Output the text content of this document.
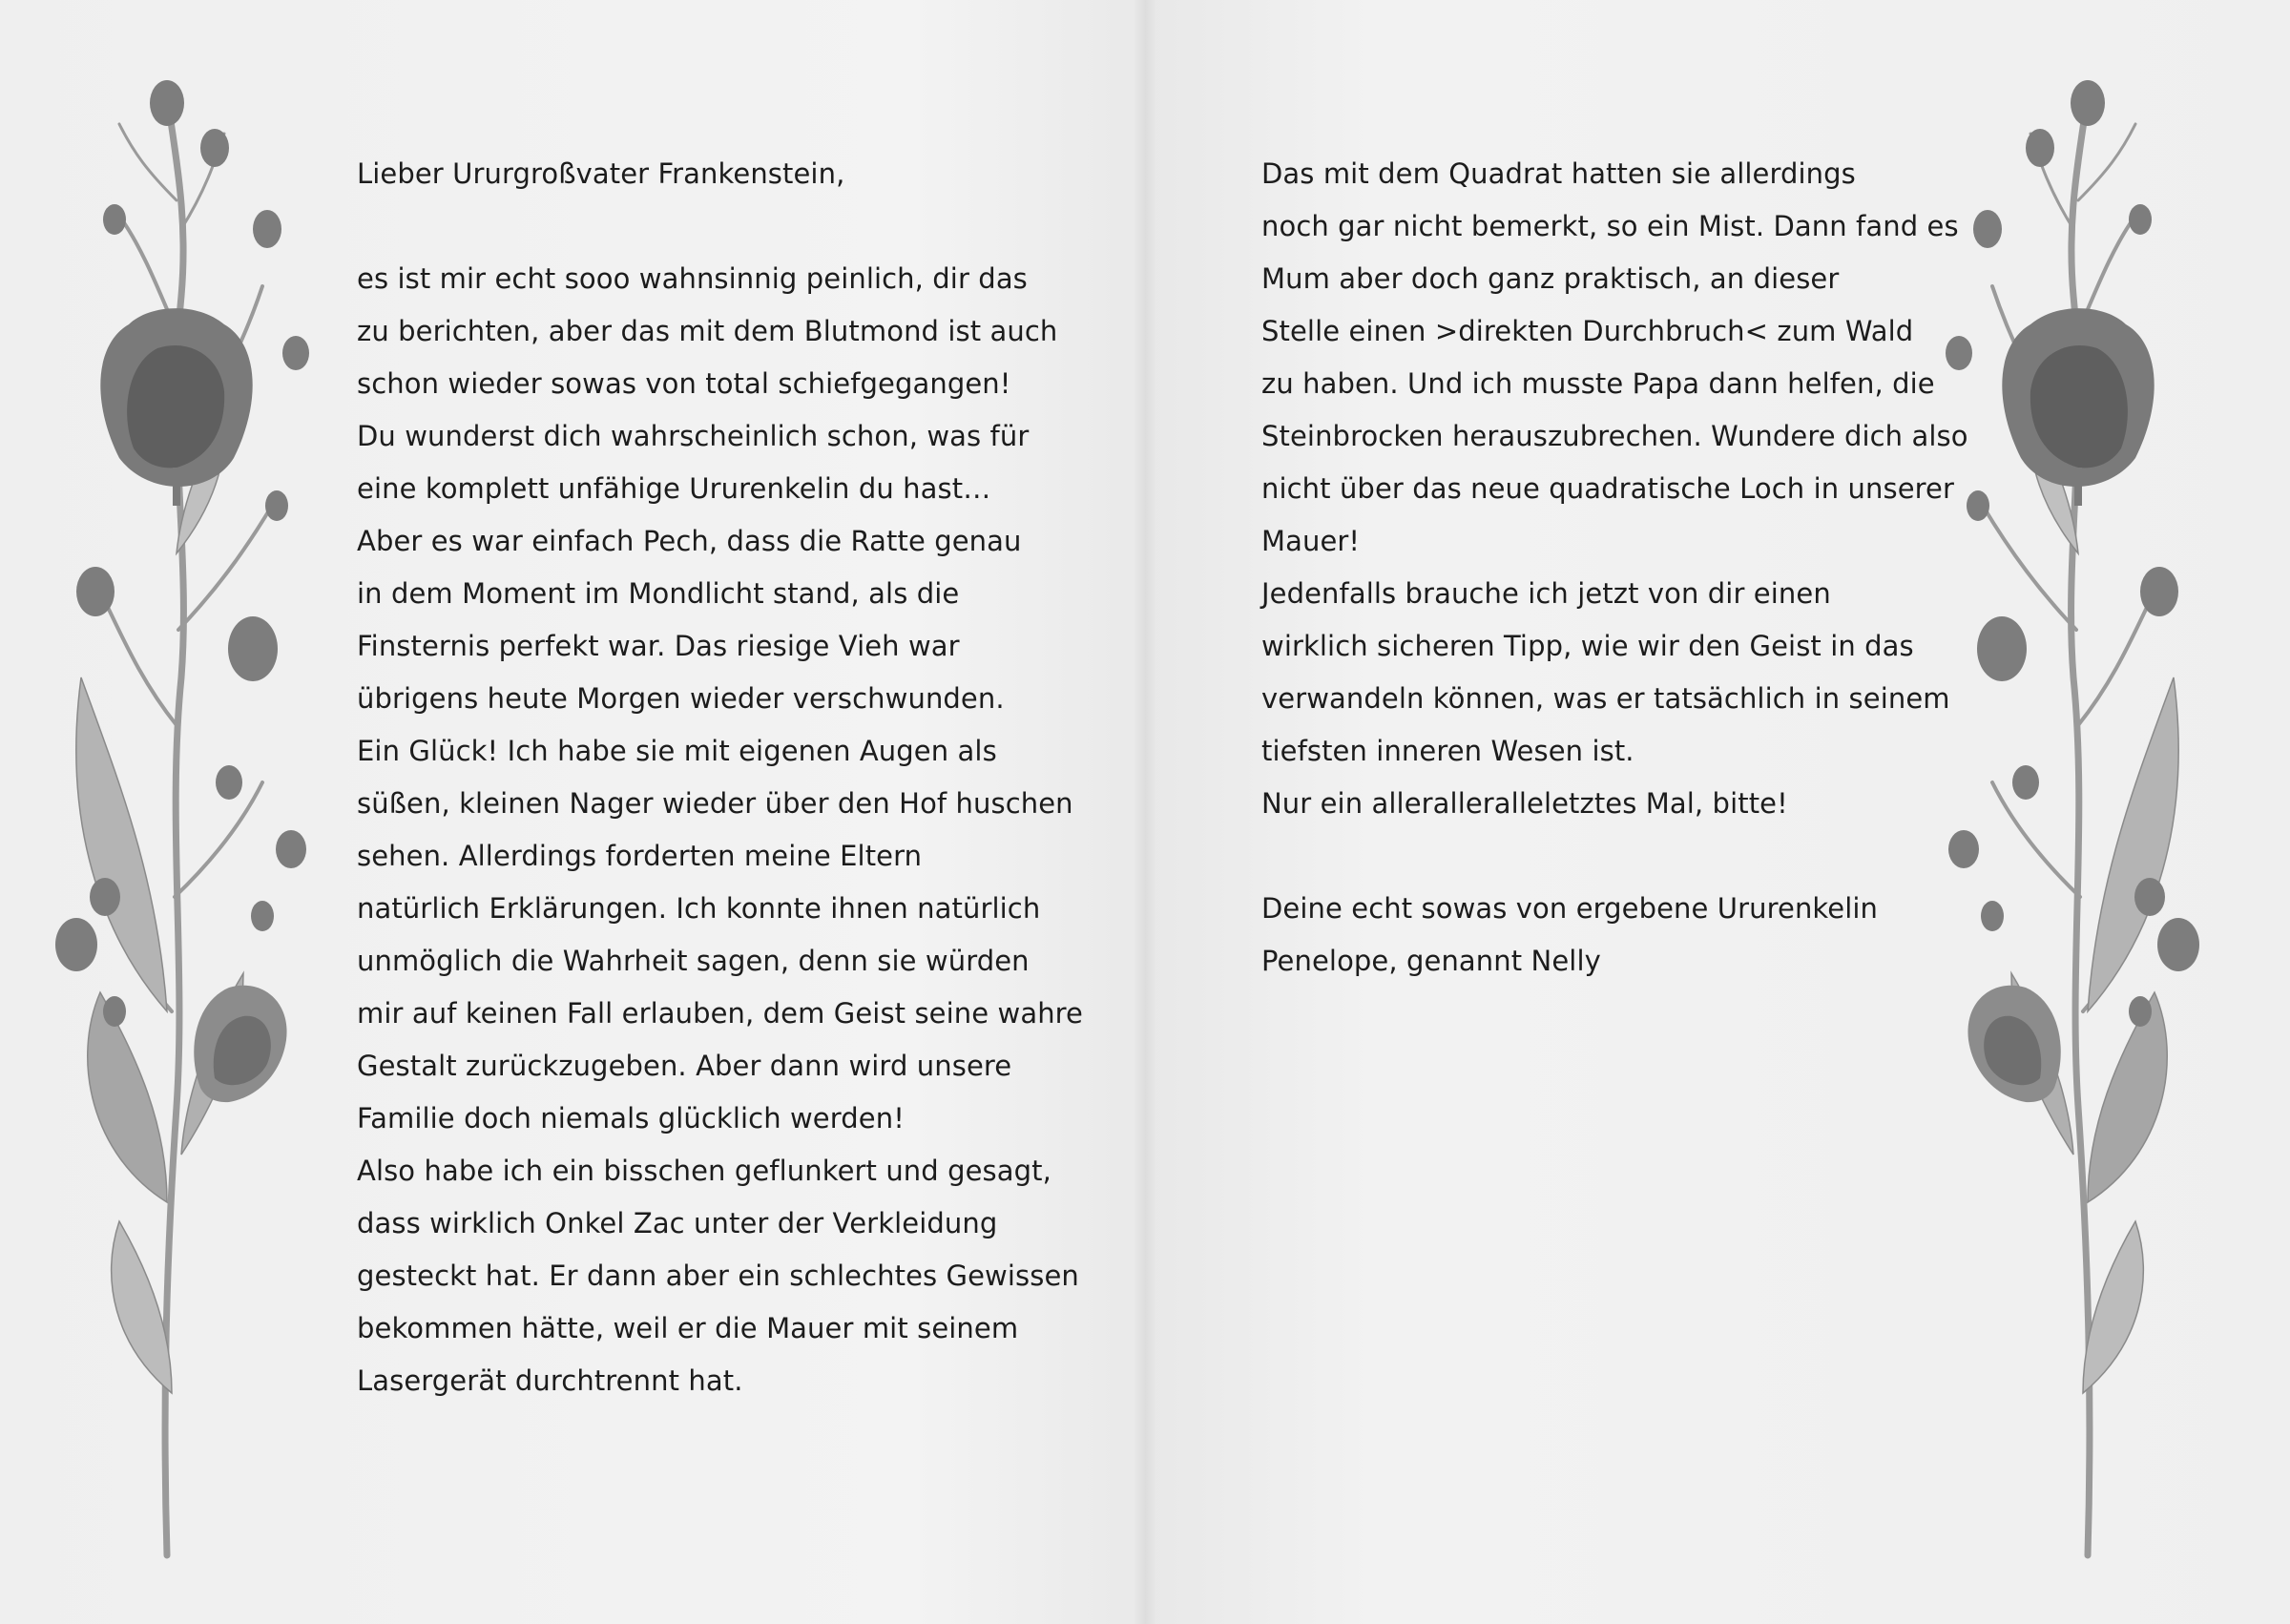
Lieber Ururgroßvater Frankenstein,
es ist mir echt sooo wahnsinnig peinlich, dir das
zu berichten, aber das mit dem Blutmond ist auch
schon wieder sowas von total schiefgegangen!
Du wunderst dich wahrscheinlich schon, was für
eine komplett unfähige Ururenkelin du hast…
Aber es war einfach Pech, dass die Ratte genau
in dem Moment im Mondlicht stand, als die
Finsternis perfekt war. Das riesige Vieh war
übrigens heute Morgen wieder verschwunden.
Ein Glück! Ich habe sie mit eigenen Augen als
süßen, kleinen Nager wieder über den Hof huschen
sehen. Allerdings forderten meine Eltern
natürlich Erklärungen. Ich konnte ihnen natürlich
unmöglich die Wahrheit sagen, denn sie würden
mir auf keinen Fall erlauben, dem Geist seine wahre
Gestalt zurückzugeben. Aber dann wird unsere
Familie doch niemals glücklich werden!
Also habe ich ein bisschen geflunkert und gesagt,
dass wirklich Onkel Zac unter der Verkleidung
gesteckt hat. Er dann aber ein schlechtes Gewissen
bekommen hätte, weil er die Mauer mit seinem
Lasergerät durchtrennt hat.
Das mit dem Quadrat hatten sie allerdings
noch gar nicht bemerkt, so ein Mist. Dann fand es
Mum aber doch ganz praktisch, an dieser
Stelle einen >direkten Durchbruch< zum Wald
zu haben. Und ich musste Papa dann helfen, die
Steinbrocken herauszubrechen. Wundere dich also
nicht über das neue quadratische Loch in unserer
Mauer!
Jedenfalls brauche ich jetzt von dir einen
wirklich sicheren Tipp, wie wir den Geist in das
verwandeln können, was er tatsächlich in seinem
tiefsten inneren Wesen ist.
Nur ein alleralleralleletztes Mal, bitte!
Deine echt sowas von ergebene Ururenkelin
Penelope, genannt Nelly
